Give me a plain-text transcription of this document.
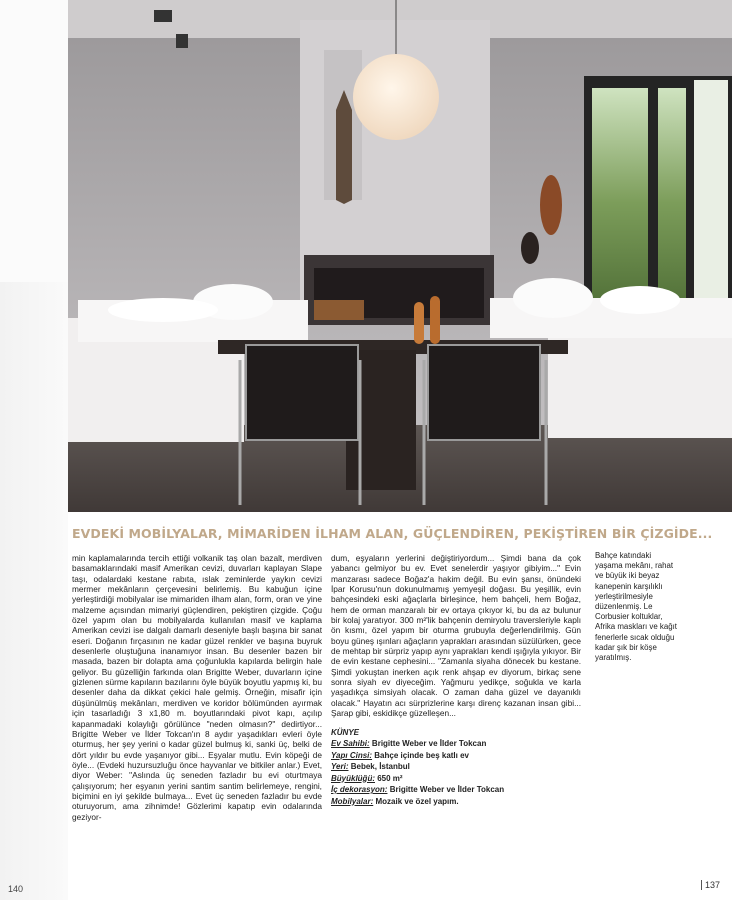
140
EVDEKİ MOBİLYALAR, MİMARİDEN İLHAM ALAN, GÜÇLENDİREN, PEKİŞTİREN BİR ÇİZGİDE...

min kaplamalarında tercih ettiği volkanik taş olan bazalt, merdiven basamaklarındaki masif Amerikan cevizi, duvarları kaplayan Slape taşı, odalardaki kestane rabıta, ıslak zeminlerde yaykın cevizi mermer mekânların çerçevesini belirlemiş. Bu kabuğun içine yerleştirdiği mobilyalar ise mimariden ilham alan, form, oran ve yine malzeme açısından mimariyi güçlendiren, pekiştiren çizgide. Çoğu özel yapım olan bu mobilyalarda kullanılan masif ve kaplama Amerikan cevizi ise dalgalı damarlı deseniyle başlı başına bir sanat eseri. Doğanın fırçasının ne kadar güzel renkler ve başına buyruk desenlerle oluştuğuna inanamıyor insan. Bu desenler bazen bir masada, bazen bir dolapta ama çoğunlukla kapılarda belirgin hale geliyor. Bu güzelliğin farkında olan Brigitte Weber, duvarların içine gizlenen sürme kapıların bazılarını öyle büyük boyutlu yapmış ki, bu desenler daha da dikkat çekici hale gelmiş. Örneğin, misafir için düşünülmüş mekânları, merdiven ve koridor bölümünden ayırmak için tasarladığı 3 x1,80 m. boyutlarındaki pivot kapı, açılıp kapanmadaki kolaylığı görülünce "neden olmasın?" dedirtiyor... Brigitte Weber ve İlder Tokcan'ın 8 aydır yaşadıkları evleri öyle oturmuş, her şey yerini o kadar güzel bulmuş ki, sanki üç, belki de dört yıldır bu evde yaşanıyor gibi... Eşyalar mutlu. Evin köpeği de öyle... (Evdeki huzursuzluğu önce hayvanlar ve bitkiler anlar.) Evet, diyor Weber: "Aslında üç seneden fazladır bu evi oturtmaya çalışıyorum; her eşyanın yerini santim santim belirlemeye, rengini, biçimini en iyi şekilde bulmaya... Evet üç seneden fazladır bu evde oturuyorum, ama zihnimde! Gözlerimi kapatıp evin odalarında geziyor-

dum, eşyaların yerlerini değiştiriyordum... Şimdi bana da çok yabancı gelmiyor bu ev. Evet senelerdir yaşıyor gibiyim..." Evin manzarası sadece Boğaz'a hakim değil. Bu evin şansı, önündeki İpar Korusu'nun dokunulmamış yemyeşil doğası. Bu yeşillik, evin bahçesindeki eski ağaçlarla birleşince, hem bahçeli, hem Boğaz, hem de orman manzaralı bir ev ortaya çıkıyor ki, bu da az bulunur bir kolaj yaratıyor. 300 m²'lik bahçenin demiryolu traversleriyle kaplı ön kısmı, özel yapım bir oturma grubuyla değerlendirilmiş. Gün boyu güneş ışınları ağaçların yaprakları arasından süzülürken, gece de mehtap bir sürpriz yapıp aynı yaprakları kendi ışığıyla yıkıyor. Bir de evin kestane cephesini... "Zamanla siyaha dönecek bu kestane. Şimdi yokuştan inerken açık renk ahşap ev diyorum, birkaç sene sonra siyah ev diyeceğim. Yağmuru yedikçe, soğukla ve karla yaşadıkça simsiyah olacak. O zaman daha güzel ve dayanıklı olacak." Hayatın acı sürprizlerine karşı direnç kazanan insan gibi... Şarap gibi, eskidikçe güzelleşen...

KÜNYE
Ev Sahibi: Brigitte Weber ve İlder Tokcan
Yapı Cinsi: Bahçe içinde beş katlı ev
Yeri: Bebek, İstanbul
Büyüklüğü: 650 m²
İç dekorasyon: Brigitte Weber ve İlder Tokcan
Mobilyalar: Mozaik ve özel yapım.

Bahçe katındaki yaşama mekânı, rahat ve büyük iki beyaz kanepenin karşılıklı yerleştirilmesiyle düzenlenmiş. Le Corbusier koltuklar, Afrika maskları ve kağıt fenerlerle sıcak olduğu kadar şık bir köşe yaratılmış.

137
